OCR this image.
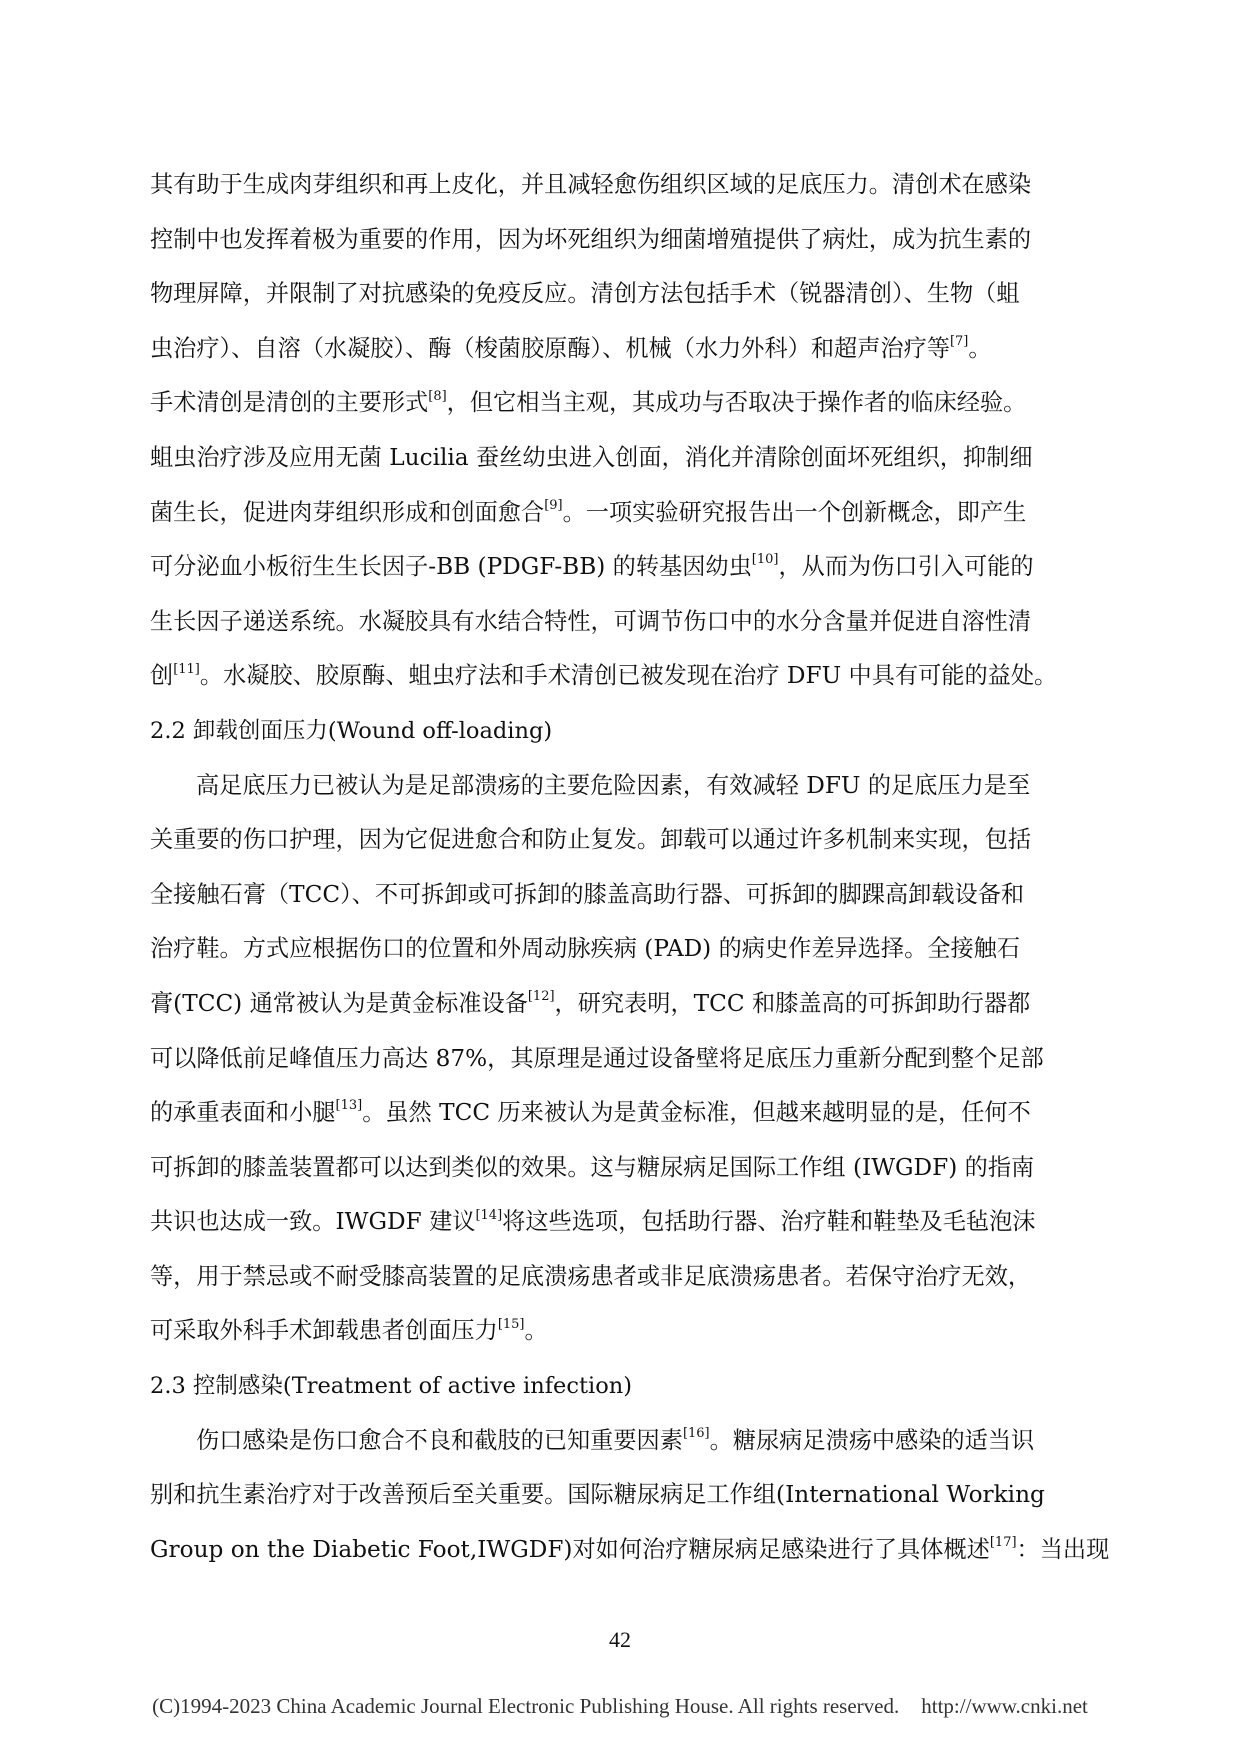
其有助于生成肉芽组织和再上皮化，并且减轻愈伤组织区域的足底压力。清创术在感染

控制中也发挥着极为重要的作用，因为坏死组织为细菌增殖提供了病灶，成为抗生素的

物理屏障，并限制了对抗感染的免疫反应。清创方法包括手术（锐器清创）、生物（蛆

虫治疗）、自溶（水凝胶）、酶（梭菌胶原酶）、机械（水力外科）和超声治疗等[7]。

手术清创是清创的主要形式[8]，但它相当主观，其成功与否取决于操作者的临床经验。

蛆虫治疗涉及应用无菌 Lucilia 蚕丝幼虫进入创面，消化并清除创面坏死组织，抑制细

菌生长，促进肉芽组织形成和创面愈合[9]。一项实验研究报告出一个创新概念，即产生

可分泌血小板衍生生长因子-BB (PDGF-BB) 的转基因幼虫[10]，从而为伤口引入可能的

生长因子递送系统。水凝胶具有水结合特性，可调节伤口中的水分含量并促进自溶性清

创[11]。水凝胶、胶原酶、蛆虫疗法和手术清创已被发现在治疗 DFU 中具有可能的益处。

2.2 卸载创面压力(Wound off-loading)

高足底压力已被认为是足部溃疡的主要危险因素，有效减轻 DFU 的足底压力是至

关重要的伤口护理，因为它促进愈合和防止复发。卸载可以通过许多机制来实现，包括

全接触石膏（TCC）、不可拆卸或可拆卸的膝盖高助行器、可拆卸的脚踝高卸载设备和

治疗鞋。方式应根据伤口的位置和外周动脉疾病 (PAD) 的病史作差异选择。全接触石

膏(TCC) 通常被认为是黄金标准设备[12]，研究表明，TCC 和膝盖高的可拆卸助行器都

可以降低前足峰值压力高达 87%，其原理是通过设备壁将足底压力重新分配到整个足部

的承重表面和小腿[13]。虽然 TCC 历来被认为是黄金标准，但越来越明显的是，任何不

可拆卸的膝盖装置都可以达到类似的效果。这与糖尿病足国际工作组 (IWGDF) 的指南

共识也达成一致。IWGDF 建议[14]将这些选项，包括助行器、治疗鞋和鞋垫及毛毡泡沫

等，用于禁忌或不耐受膝高装置的足底溃疡患者或非足底溃疡患者。若保守治疗无效，

可采取外科手术卸载患者创面压力[15]。

2.3 控制感染(Treatment of active infection)

伤口感染是伤口愈合不良和截肢的已知重要因素[16]。糖尿病足溃疡中感染的适当识

别和抗生素治疗对于改善预后至关重要。国际糖尿病足工作组(International Working

Group on the Diabetic Foot,IWGDF)对如何治疗糖尿病足感染进行了具体概述[17]：当出现

42
(C)1994-2023 China Academic Journal Electronic Publishing House. All rights reserved. http://www.cnki.net
